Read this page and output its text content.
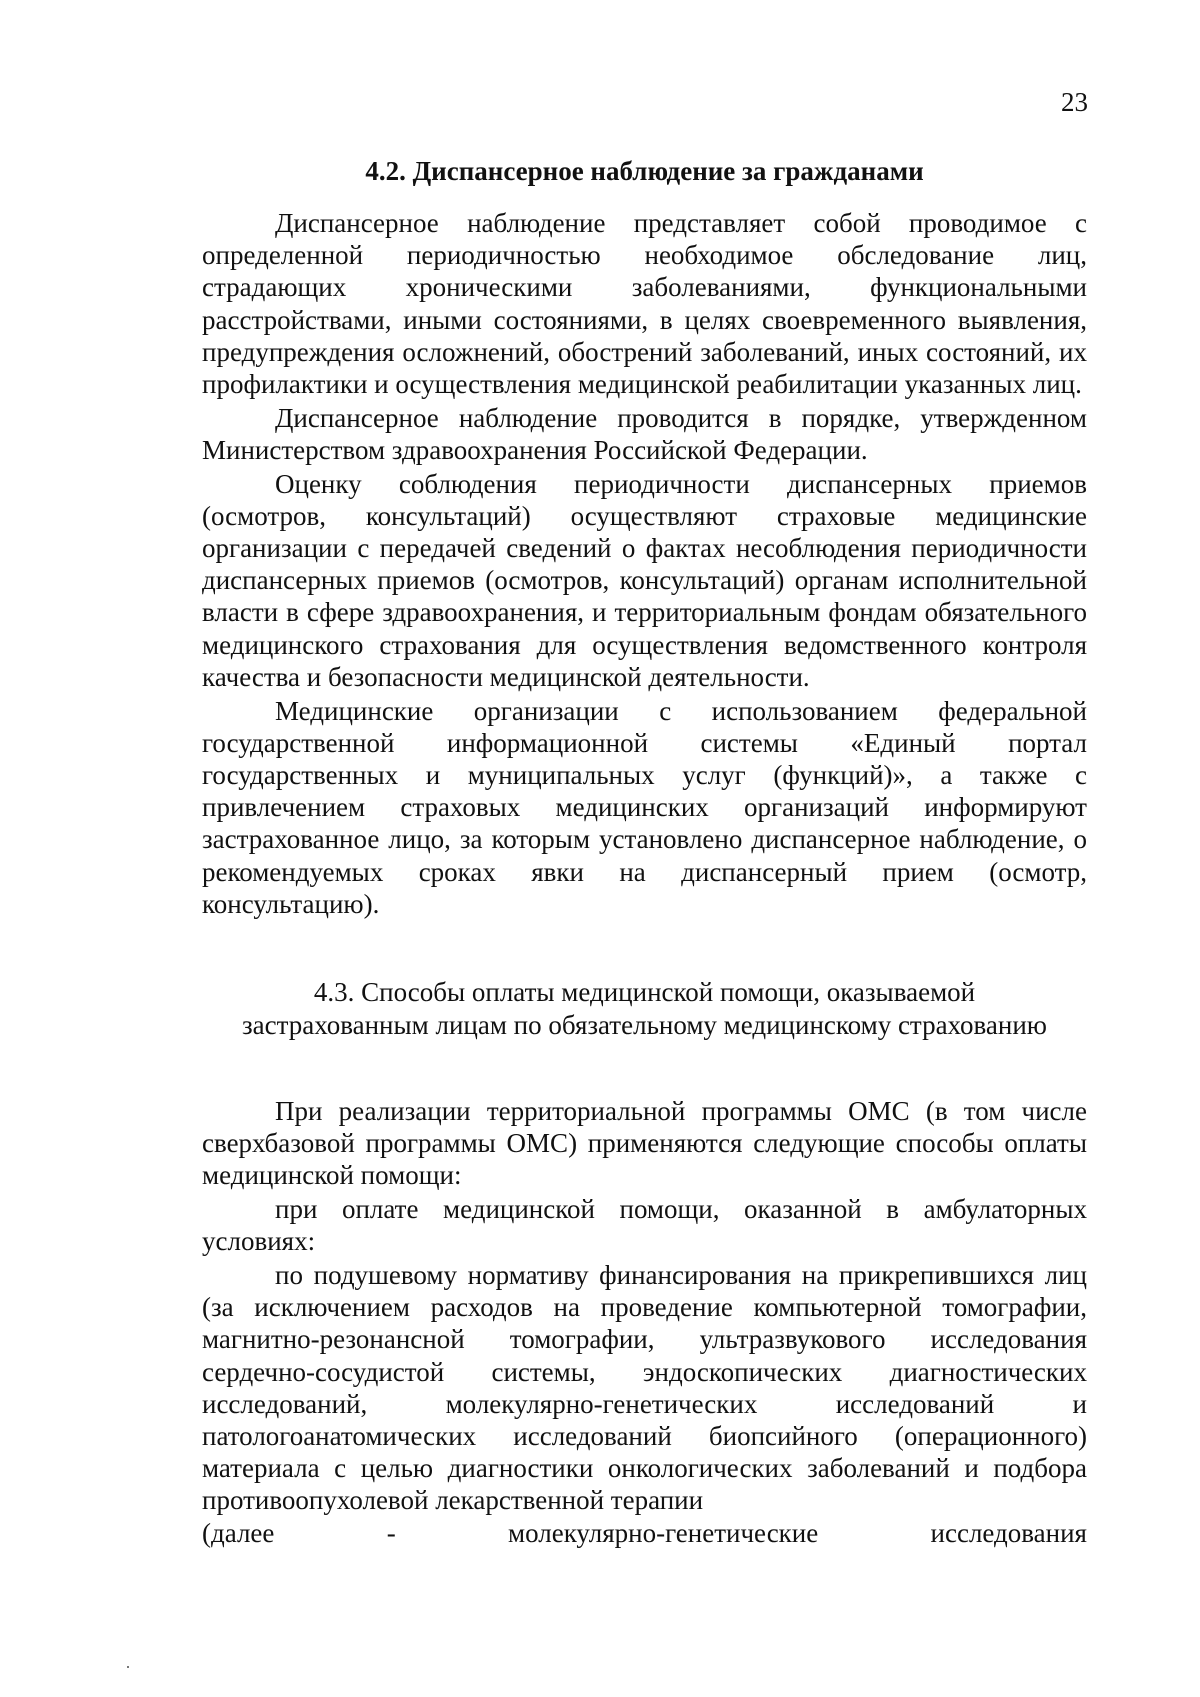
23
4.2. Диспансерное наблюдение за гражданами

Диспансерное наблюдение представляет собой проводимое с определенной периодичностью необходимое обследование лиц, страдающих хроническими заболеваниями, функциональными расстройствами, иными состояниями, в целях своевременного выявления, предупреждения осложнений, обострений заболеваний, иных состояний, их профилактики и осуществления медицинской реабилитации указанных лиц.

Диспансерное наблюдение проводится в порядке, утвержденном Министерством здравоохранения Российской Федерации.

Оценку соблюдения периодичности диспансерных приемов (осмотров, консультаций) осуществляют страховые медицинские организации с передачей сведений о фактах несоблюдения периодичности диспансерных приемов (осмотров, консультаций) органам исполнительной власти в сфере здравоохранения, и территориальным фондам обязательного медицинского страхования для осуществления ведомственного контроля качества и безопасности медицинской деятельности.

Медицинские организации с использованием федеральной государственной информационной системы «Единый портал государственных и муниципальных услуг (функций)», а также с привлечением страховых медицинских организаций информируют застрахованное лицо, за которым установлено диспансерное наблюдение, о рекомендуемых сроках явки на диспансерный прием (осмотр, консультацию).

4.3. Способы оплаты медицинской помощи, оказываемой
застрахованным лицам по обязательному медицинскому страхованию

При реализации территориальной программы ОМС (в том числе сверхбазовой программы ОМС) применяются следующие способы оплаты медицинской помощи:

при оплате медицинской помощи, оказанной в амбулаторных условиях:

по подушевому нормативу финансирования на прикрепившихся лиц (за исключением расходов на проведение компьютерной томографии, магнитно-резонансной томографии, ультразвукового исследования сердечно-сосудистой системы, эндоскопических диагностических исследований, молекулярно-генетических исследований и патологоанатомических исследований биопсийного (операционного) материала с целью диагностики онкологических заболеваний и подбора противоопухолевой лекарственной терапии

(далее	-	молекулярно-генетические	исследования
